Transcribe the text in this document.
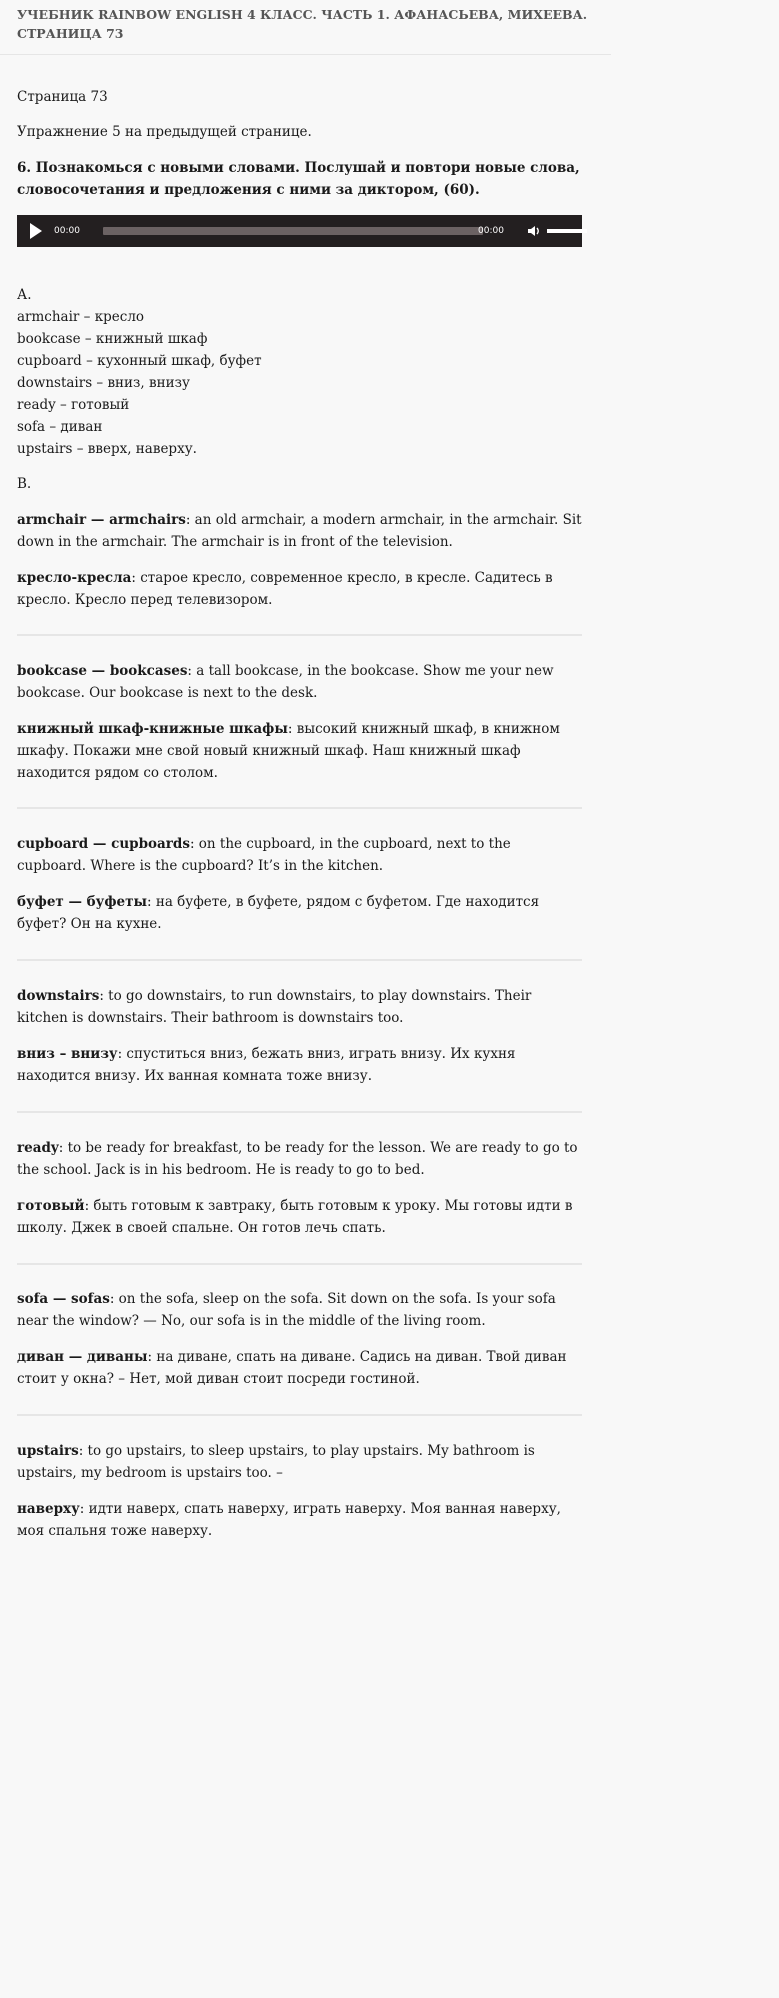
УЧЕБНИК RAINBOW ENGLISH 4 КЛАСС. ЧАСТЬ 1. АФАНАСЬЕВА, МИХЕЕВА. СТРАНИЦА 73

Страница 73

Упражнение 5 на предыдущей странице.

6. Познакомься с новыми словами. Послушай и повтори новые слова, словосочетания и предложения с ними за диктором, (60).

00:00	00:00
А.
armchair – кресло
bookcase – книжный шкаф
cupboard – кухонный шкаф, буфет
downstairs – вниз, внизу
ready – готовый
sofa – диван
upstairs – вверх, наверху.

В.

armchair — armchairs: an old armchair, a modern armchair, in the armchair. Sit down in the armchair. The armchair is in front of the television.

кресло-кресла: старое кресло, современное кресло, в кресле. Садитесь в кресло. Кресло перед телевизором.

bookcase — bookcases: a tall bookcase, in the bookcase. Show me your new bookcase. Our bookcase is next to the desk.

книжный шкаф-книжные шкафы: высокий книжный шкаф, в книжном шкафу. Покажи мне свой новый книжный шкаф. Наш книжный шкаф находится рядом со столом.

cupboard — cupboards: on the cupboard, in the cupboard, next to the cupboard. Where is the cupboard? It’s in the kitchen.

буфет — буфеты: на буфете, в буфете, рядом с буфетом. Где находится буфет? Он на кухне.

downstairs: to go downstairs, to run downstairs, to play downstairs. Their kitchen is downstairs. Their bathroom is downstairs too.

вниз – внизу: спуститься вниз, бежать вниз, играть внизу. Их кухня находится внизу. Их ванная комната тоже внизу.

ready: to be ready for breakfast, to be ready for the lesson. We are ready to go to the school. Jack is in his bedroom. He is ready to go to bed.

готовый: быть готовым к завтраку, быть готовым к уроку. Мы готовы идти в школу. Джек в своей спальне. Он готов лечь спать.

sofa — sofas: on the sofa, sleep on the sofa. Sit down on the sofa. Is your sofa near the window? — No, our sofa is in the middle of the living room.

диван — диваны: на диване, спать на диване. Садись на диван. Твой диван стоит у окна? – Нет, мой диван стоит посреди гостиной.

upstairs: to go upstairs, to sleep upstairs, to play upstairs. My bathroom is upstairs, my bedroom is upstairs too. –

наверху: идти наверх, спать наверху, играть наверху. Моя ванная наверху, моя спальня тоже наверху.
